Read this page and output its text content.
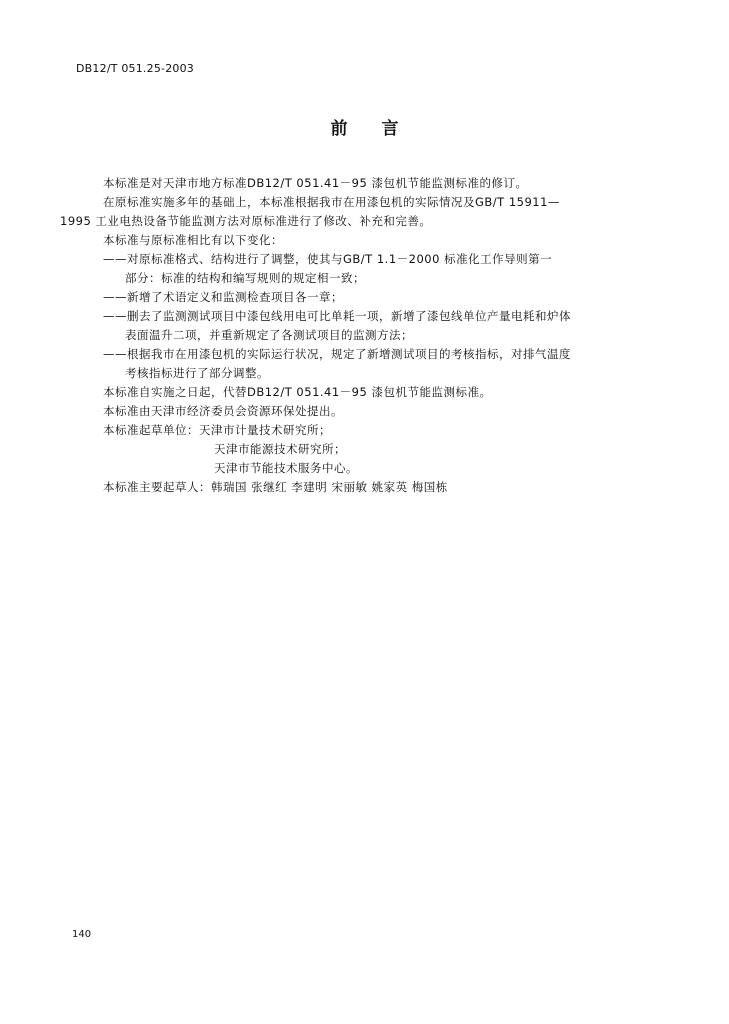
DB12/T 051.25-2003
前 言
本标准是对天津市地方标准DB12/T 051.41－95 漆包机节能监测标准的修订。
在原标准实施多年的基础上，本标准根据我市在用漆包机的实际情况及GB/T 15911—
1995 工业电热设备节能监测方法对原标准进行了修改、补充和完善。
本标准与原标准相比有以下变化：
——对原标准格式、结构进行了调整，使其与GB/T 1.1－2000 标准化工作导则第一
部分：标准的结构和编写规则的规定相一致；
——新增了术语定义和监测检查项目各一章；
——删去了监测测试项目中漆包线用电可比单耗一项，新增了漆包线单位产量电耗和炉体
表面温升二项，并重新规定了各测试项目的监测方法；
——根据我市在用漆包机的实际运行状况，规定了新增测试项目的考核指标，对排气温度
考核指标进行了部分调整。
本标准自实施之日起，代替DB12/T 051.41－95 漆包机节能监测标准。
本标准由天津市经济委员会资源环保处提出。
本标准起草单位：天津市计量技术研究所；
天津市能源技术研究所；
天津市节能技术服务中心。
本标准主要起草人：韩瑞国 张继红 李建明 宋丽敏 姚家英 梅国栋
140
